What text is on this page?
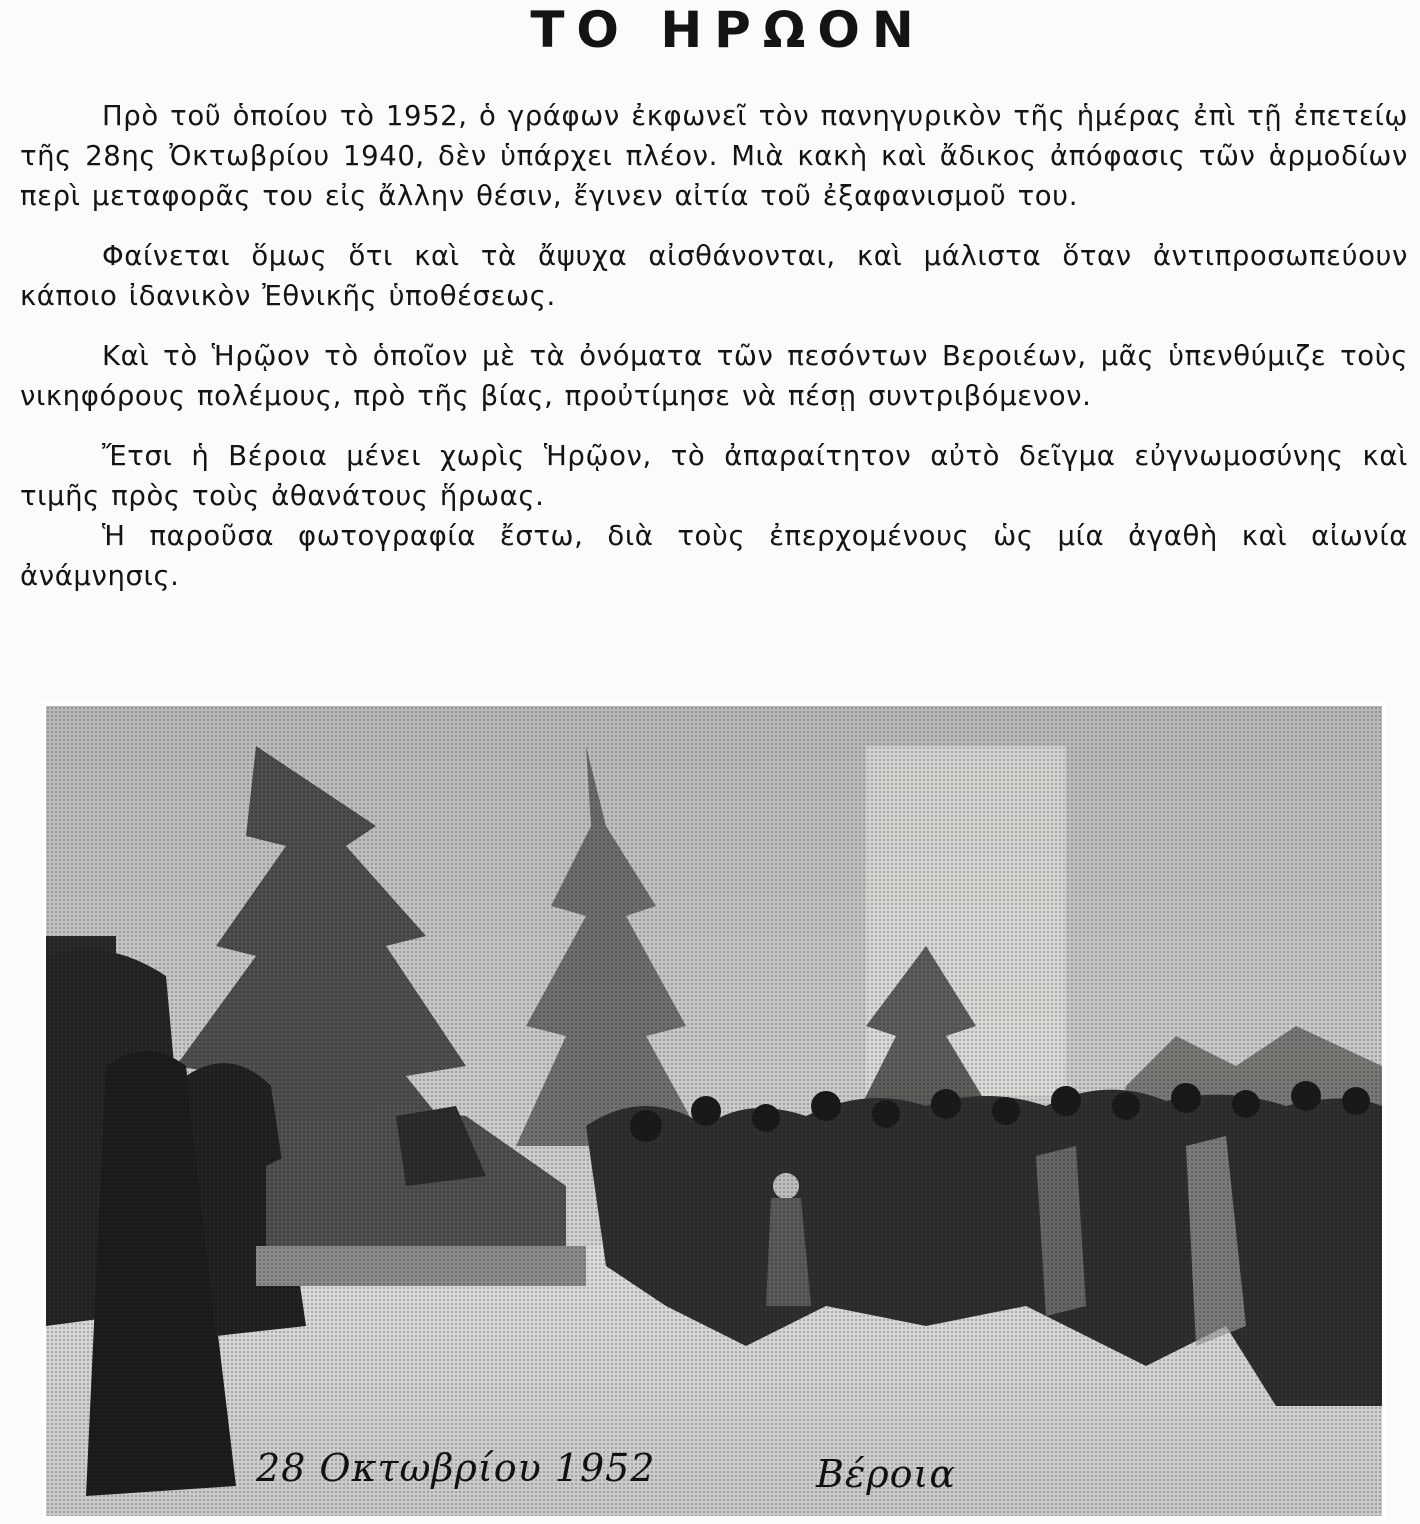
ΤΟ ΗΡΩΟΝ

Πρὸ τοῦ ὁποίου τὸ 1952, ὁ γράφων ἐκφωνεῖ τὸν πανηγυρικὸν τῆς ἡμέρας ἐπὶ τῇ ἐπετείῳ τῆς 28ης Ὀκτωβρίου 1940, δὲν ὑπάρχει πλέον. Μιὰ κακὴ καὶ ἄδικος ἀπόφασις τῶν ἁρμοδίων περὶ μεταφορᾶς του εἰς ἄλλην θέσιν, ἔγινεν αἰτία τοῦ ἐξαφανισμοῦ του.

Φαίνεται ὅμως ὅτι καὶ τὰ ἄψυχα αἰσθάνονται, καὶ μάλιστα ὅταν ἀντιπροσωπεύουν κάποιο ἰδανικὸν Ἐθνικῆς ὑποθέσεως.

Καὶ τὸ Ἡρῷον τὸ ὁποῖον μὲ τὰ ὀνόματα τῶν πεσόντων Βεροιέων, μᾶς ὑπενθύμιζε τοὺς νικηφόρους πολέμους, πρὸ τῆς βίας, προὐτίμησε νὰ πέσῃ συντριβόμενον.

Ἔτσι ἡ Βέροια μένει χωρὶς Ἡρῷον, τὸ ἀπαραίτητον αὐτὸ δεῖγμα εὐγνωμοσύνης καὶ τιμῆς πρὸς τοὺς ἀθανάτους ἥρωας.

Ἡ παροῦσα φωτογραφία ἔστω, διὰ τοὺς ἐπερχομένους ὡς μία ἀγαθὴ καὶ αἰωνία ἀνάμνησις.

28 Οκτωβρίου 1952	Βέροια
